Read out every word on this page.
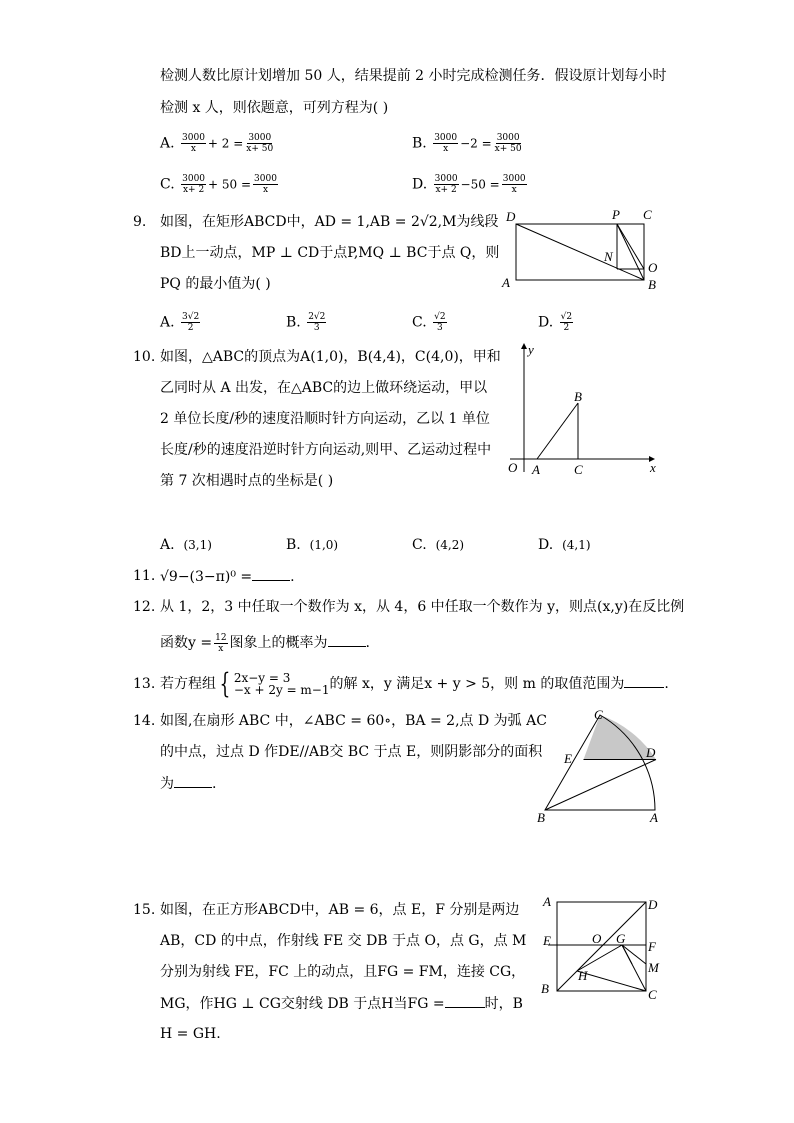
检测人数比原计划增加 50 人，结果提前 2 小时完成检测任务．假设原计划每小时
检测 x 人，则依题意，可列方程为( )
A. $\frac{3000}{x} + 2 = \frac{3000}{x+ 50}$	B. $\frac{3000}{x} -2 = \frac{3000}{x+ 50}$
C. $\frac{3000}{x+ 2} + 50 = \frac{3000}{x}$	D. $\frac{3000}{x+ 2} -50 = \frac{3000}{x}$
9. 如图，在矩形ABCD中，AD = 1,AB = 2√2,M为线段
BD上一动点，MP ⊥ CD于点P,MQ ⊥ BC于点 Q，则
PQ 的最小值为( )
D	P C
N
O
A	B
A. $\frac{3√2}{2}$	B. $\frac{2√2}{3}$	C. $\frac{√2}{3}$	D. $\frac{√2}{2}$
10. 如图，△ABC的顶点为A(1,0)，B(4,4)，C(4,0)，甲和
乙同时从 A 出发，在△ABC的边上做环绕运动，甲以
2 单位长度/秒的速度沿顺时针方向运动，乙以 1 单位
长度/秒的速度沿逆时针方向运动,则甲、乙运动过程中
第 7 次相遇时点的坐标是( )
y
x
O A
B
C
A. (3,1)	B. (1,0)	C. (4,2)	D. (4,1)
11. √9−(3−π)⁰ =	.
12. 从 1，2，3 中任取一个数作为 x，从 4，6 中任取一个数作为 y，则点(x,y)在反比例
函数$y = \frac{12}{x}$ 图象上的概率为	.
13. 若方程组 { 2x−y = 3
−x + 2y = m−1 的解 x，y 满足x + y > 5，则 m 的取值范围为	.
14. 如图,在扇形 ABC 中，∠ABC = 60∘，BA = 2,点 D 为弧 AC
的中点，过点 D 作DE//AB交 BC 于点 E，则阴影部分的面积
为	.
C
E	D
B	A
15. 如图，在正方形ABCD中，AB = 6，点 E，F 分别是两边
AB，CD 的中点，作射线 FE 交 DB 于点 O，点 G，点 M
分别为射线 FE，FC 上的动点，且FG = FM，连接 CG，
MG，作HG ⊥ CG交射线 DB 于点H当FG =	时，B
H = GH.
A	D
E	O G
F
M
H
B	C
